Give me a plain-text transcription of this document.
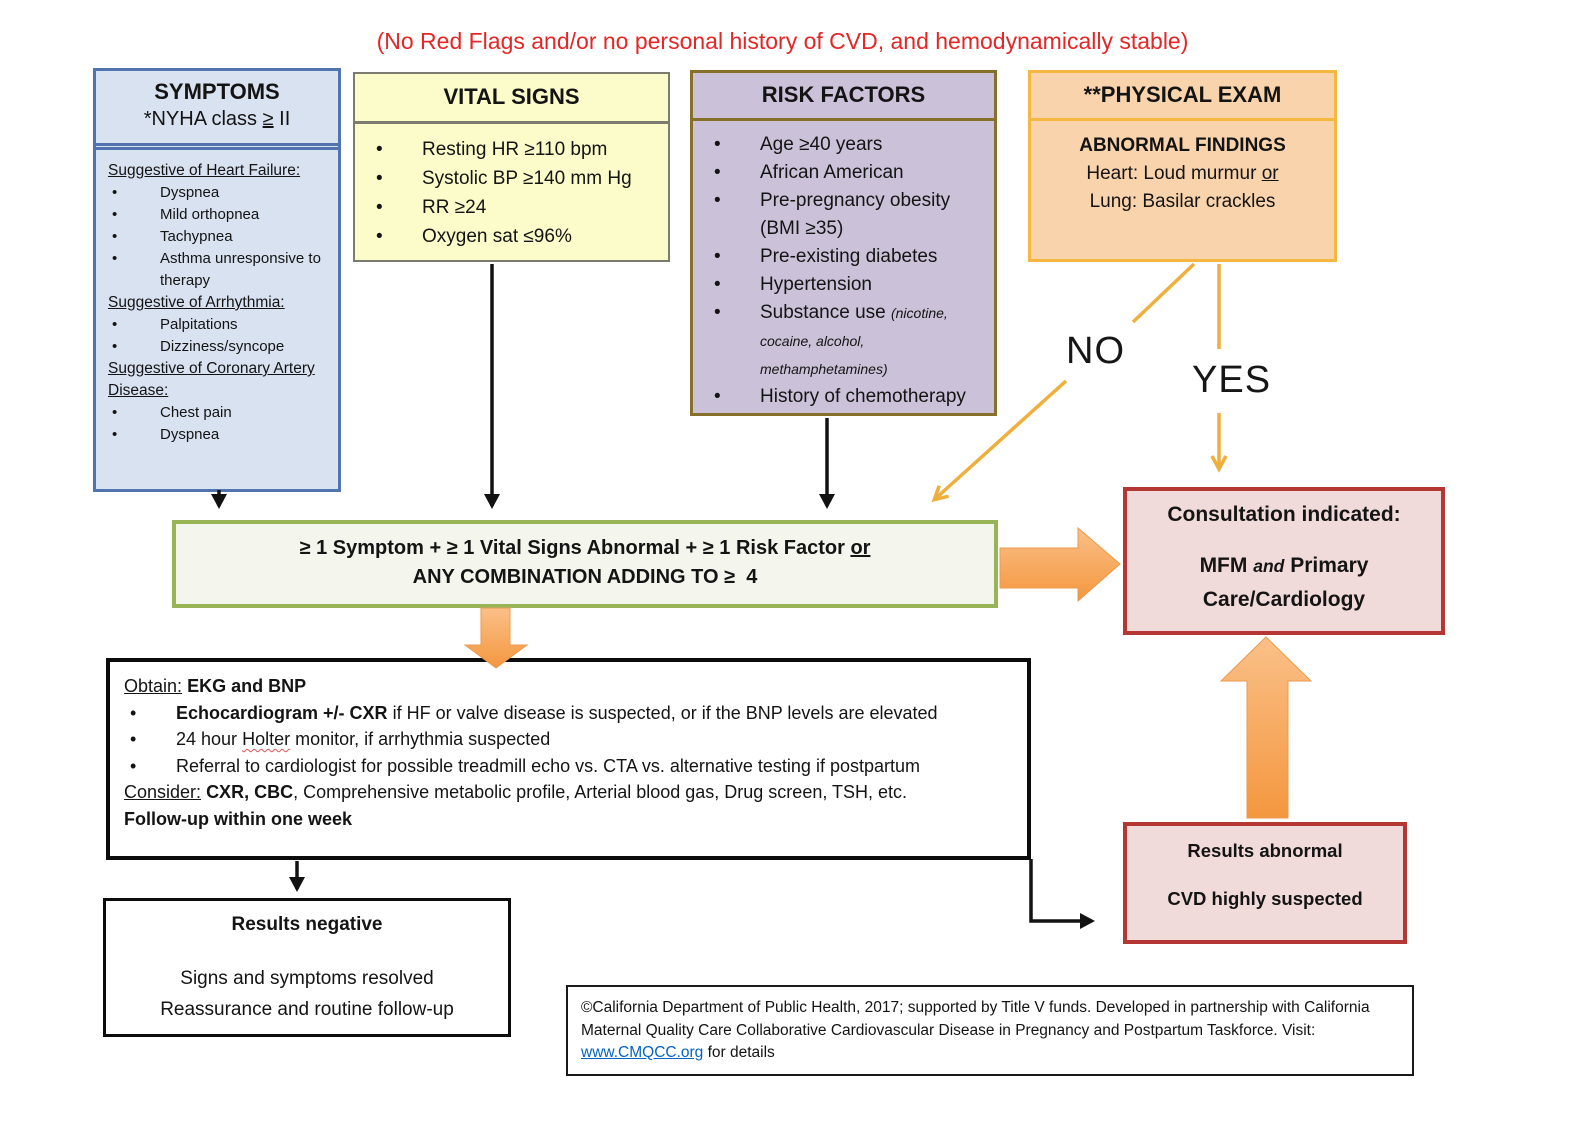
(No Red Flags and/or no personal history of CVD, and hemodynamically stable)
SYMPTOMS
*NYHA class ≥ II
Suggestive of Heart Failure:
• Dyspnea
• Mild orthopnea
• Tachypnea
• Asthma unresponsive to therapy
Suggestive of Arrhythmia:
• Palpitations
• Dizziness/syncope
Suggestive of Coronary Artery Disease:
• Chest pain
• Dyspnea
VITAL SIGNS
• Resting HR ≥110 bpm
• Systolic BP ≥140 mm Hg
• RR ≥24
• Oxygen sat ≤96%
RISK FACTORS
• Age ≥40 years
• African American
• Pre-pregnancy obesity (BMI ≥35)
• Pre-existing diabetes
• Hypertension
• Substance use (nicotine, cocaine, alcohol, methamphetamines)
• History of chemotherapy
**PHYSICAL EXAM
ABNORMAL FINDINGS
Heart: Loud murmur or
Lung: Basilar crackles
≥ 1 Symptom + ≥ 1 Vital Signs Abnormal + ≥ 1 Risk Factor or
ANY COMBINATION ADDING TO ≥  4
NO
YES
Consultation indicated:
MFM and Primary Care/Cardiology
Obtain: EKG and BNP
• Echocardiogram +/- CXR if HF or valve disease is suspected, or if the BNP levels are elevated
• 24 hour Holter monitor, if arrhythmia suspected
• Referral to cardiologist for possible treadmill echo vs. CTA vs. alternative testing if postpartum
Consider: CXR, CBC, Comprehensive metabolic profile, Arterial blood gas, Drug screen, TSH, etc.
Follow-up within one week
Results negative
Signs and symptoms resolved
Reassurance and routine follow-up
Results abnormal
CVD highly suspected
©California Department of Public Health, 2017; supported by Title V funds. Developed in partnership with California Maternal Quality Care Collaborative Cardiovascular Disease in Pregnancy and Postpartum Taskforce. Visit: www.CMQCC.org for details
